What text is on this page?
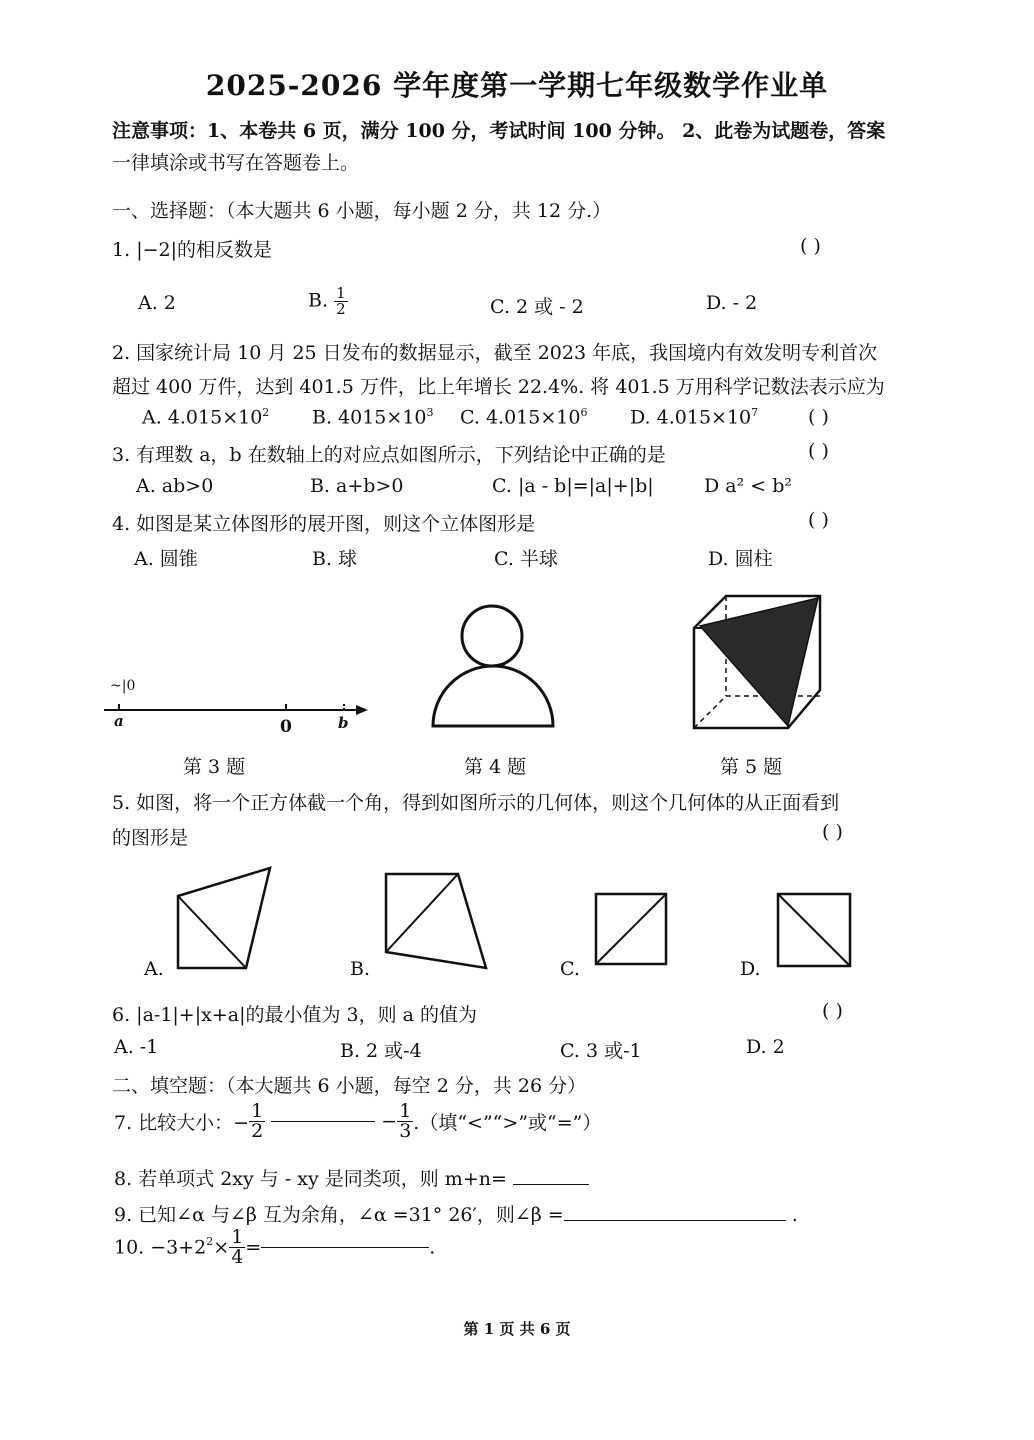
2025-2026 学年度第一学期七年级数学作业单
注意事项：1、本卷共 6 页，满分 100 分，考试时间 100 分钟。 2、此卷为试题卷，答案
一律填涂或书写在答题卷上。
一、选择题：（本大题共 6 小题，每小题 2 分，共 12 分.）
1. |−2|的相反数是	( )
A. 2	B. $\frac{1}{2}$	C. 2 或 - 2	D. - 2
2. 国家统计局 10 月 25 日发布的数据显示，截至 2023 年底，我国境内有效发明专利首次
超过 400 万件，达到 401.5 万件，比上年增长 22.4%. 将 401.5 万用科学记数法表示应为
A. $4.015\times 10^2$ B. $4015\times 10^3$ C. $4.015\times 10^6$ D. $4.015\times 10^7$	( )
3. 有理数 a，b 在数轴上的对应点如图所示，下列结论中正确的是	( )
A. ab>0	B. a+b>0	C. |a - b|=|a|+|b|	D a² < b²
4. 如图是某立体图形的展开图，则这个立体图形是	( )
A. 圆锥	B. 球	C. 半球	D. 圆柱
~|0
a	0	b
第 3 题	第 4 题	第 5 题
5. 如图，将一个正方体截一个角，得到如图所示的几何体，则这个几何体的从正面看到
的图形是	( )
A.	B.	C.	D.
6. |a-1|+|x+a|的最小值为 3，则 a 的值为	( )
A. -1	B. 2 或-4	C. 3 或-1	D. 2
二、填空题：（本大题共 6 小题，每空 2 分，共 26 分）
7. 比较大小：− $\frac{1}{2}$	− $\frac{1}{3}$ .（填“<”“>”或“=”）
8. 若单项式 2xy 与 - xy 是同类项，则 m+n=
9. 已知∠α 与∠β 互为余角，∠α =31° 26′，则∠β =	.
10. $-3+2^2\times \frac{1}{4}$ =	.
第 1 页 共 6 页
